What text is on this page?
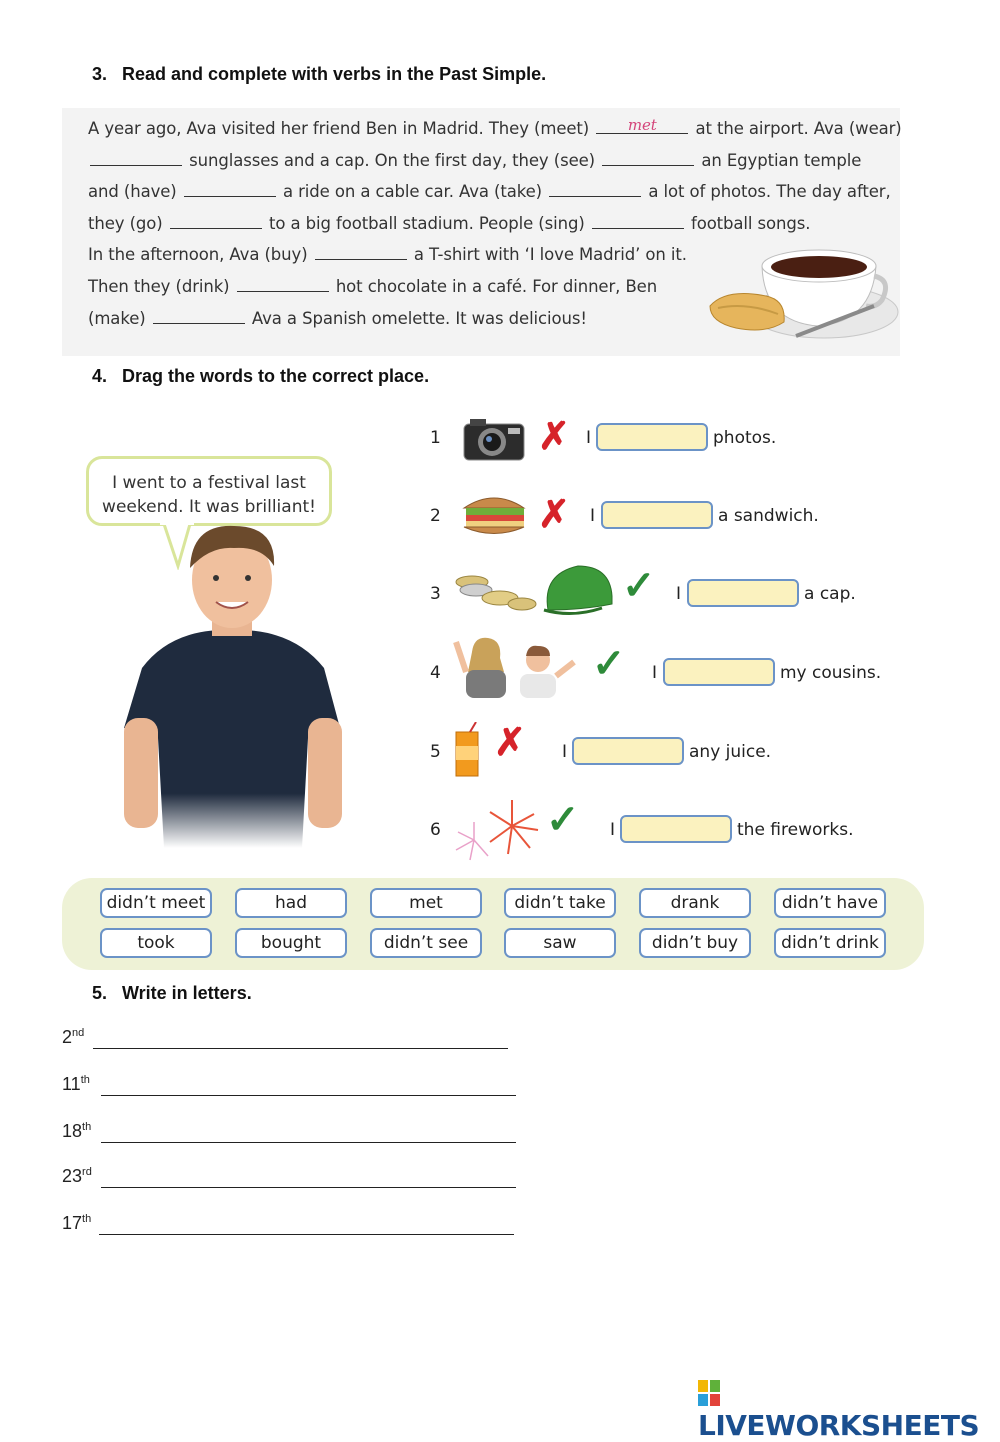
3. Read and complete with verbs in the Past Simple.
A year ago, Ava visited her friend Ben in Madrid. They (meet)	met at the airport. Ava (wear)
sunglasses and a cap. On the first day, they (see)	an Egyptian temple
and (have)	a ride on a cable car. Ava (take)	a lot of photos. The day after,
they (go)	to a big football stadium. People (sing)	football songs.
In the afternoon, Ava (buy)	a T-shirt with ‘I love Madrid’ on it.
Then they (drink)	hot chocolate in a café. For dinner, Ben
(make)	Ava a Spanish omelette. It was delicious!
4. Drag the words to the correct place.
I went to a festival last weekend. It was brilliant!
1	✗ I	photos.
2	✗ I	a sandwich.
3	✓ I	a cap.
4	✓ I	my cousins.
5 ✗ I	any juice.
6	✓ I	the fireworks.
didn’t meet	had	met	didn’t take	drank	didn’t have
took	bought	didn’t see	saw	didn’t buy	didn’t drink
5. Write in letters.
2nd
11th
18th
23rd
17th
LIVEWORKSHEETS
